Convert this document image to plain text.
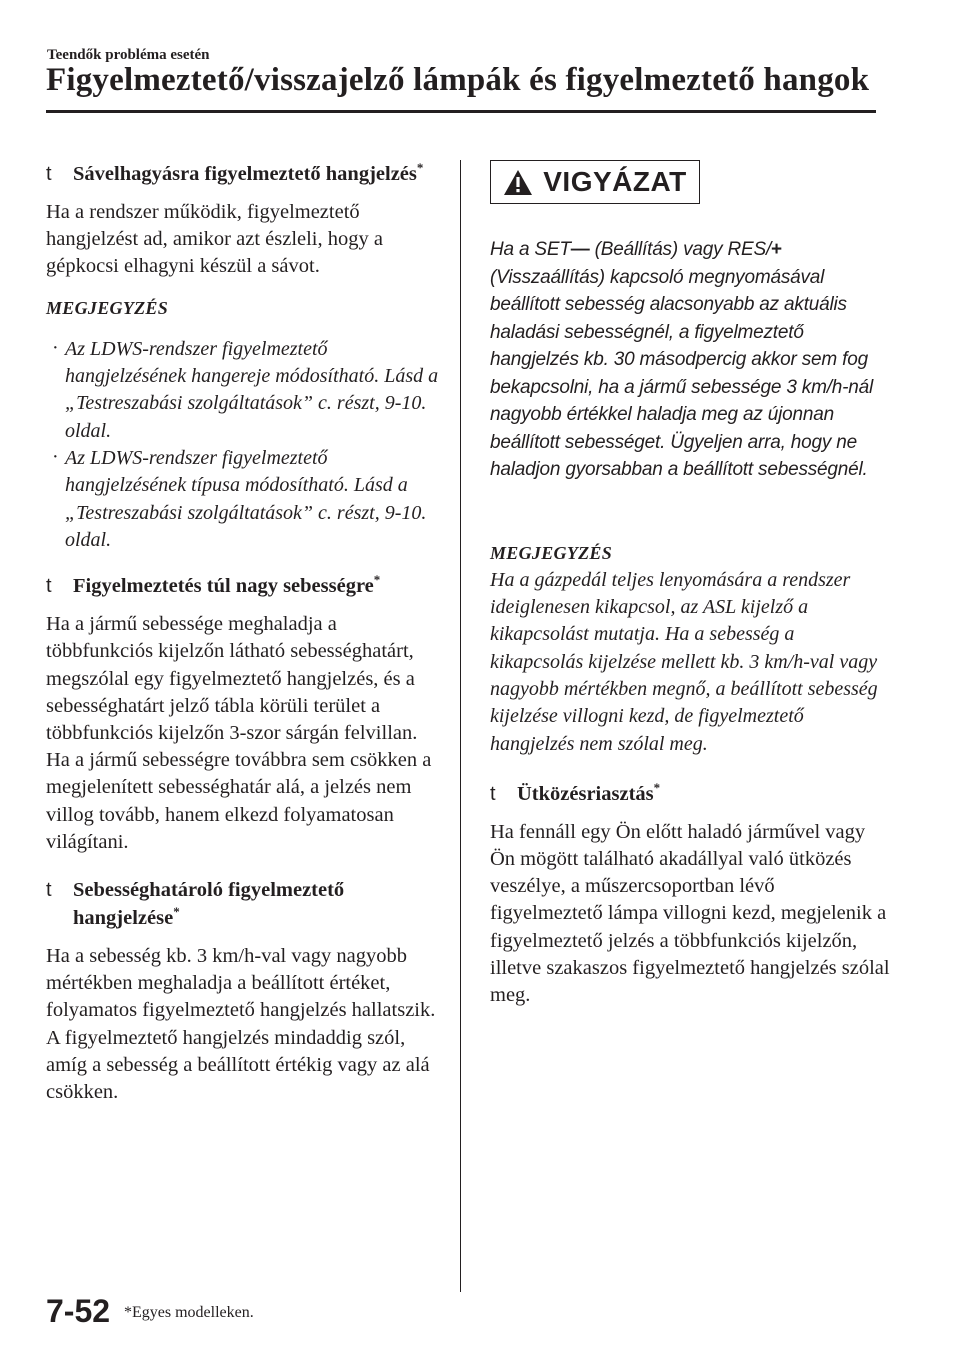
Teendők probléma esetén
Figyelmeztető/visszajelző lámpák és figyelmeztető hangok
t Sávelhagyásra figyelmeztető hangjelzés*

Ha a rendszer működik, figyelmeztető hangjelzést ad, amikor azt észleli, hogy a gépkocsi elhagyni készül a sávot.

MEGJEGYZÉS
· Az LDWS-rendszer figyelmeztető hangjelzésének hangereje módosítható. Lásd a „Testreszabási szolgáltatások” c. részt, 9-10. oldal.
· Az LDWS-rendszer figyelmeztető hangjelzésének típusa módosítható. Lásd a „Testreszabási szolgáltatások” c. részt, 9-10. oldal.
t Figyelmeztetés túl nagy sebességre*

Ha a jármű sebessége meghaladja a többfunkciós kijelzőn látható sebességhatárt, megszólal egy figyelmeztető hangjelzés, és a sebességhatárt jelző tábla körüli terület a többfunkciós kijelzőn 3-szor sárgán felvillan. Ha a jármű sebességre továbbra sem csökken a megjelenített sebességhatár alá, a jelzés nem villog tovább, hanem elkezd folyamatosan világítani.

t Sebességhatároló figyelmeztető hangjelzése*

Ha a sebesség kb. 3 km/h-val vagy nagyobb mértékben meghaladja a beállított értéket, folyamatos figyelmeztető hangjelzés hallatszik. A figyelmeztető hangjelzés mindaddig szól, amíg a sebesség a beállított értékig vagy az alá csökken.

VIGYÁZAT

Ha a SET— (Beállítás) vagy RES/+ (Visszaállítás) kapcsoló megnyomásával beállított sebesség alacsonyabb az aktuális haladási sebességnél, a figyelmeztető hangjelzés kb. 30 másodpercig akkor sem fog bekapcsolni, ha a jármű sebessége 3 km/h-nál nagyobb értékkel haladja meg az újonnan beállított sebességet. Ügyeljen arra, hogy ne haladjon gyorsabban a beállított sebességnél.

MEGJEGYZÉS

Ha a gázpedál teljes lenyomására a rendszer ideiglenesen kikapcsol, az ASL kijelző a kikapcsolást mutatja. Ha a sebesség a kikapcsolás kijelzése mellett kb. 3 km/h-val vagy nagyobb mértékben megnő, a beállított sebesség kijelzése villogni kezd, de figyelmeztető hangjelzés nem szólal meg.

t Ütközésriasztás*

Ha fennáll egy Ön előtt haladó járművel vagy Ön mögött található akadállyal való ütközés veszélye, a műszercsoportban lévő figyelmeztető lámpa villogni kezd, megjelenik a figyelmeztető jelzés a többfunkciós kijelzőn, illetve szakaszos figyelmeztető hangjelzés szólal meg.

7-52 *Egyes modelleken.
